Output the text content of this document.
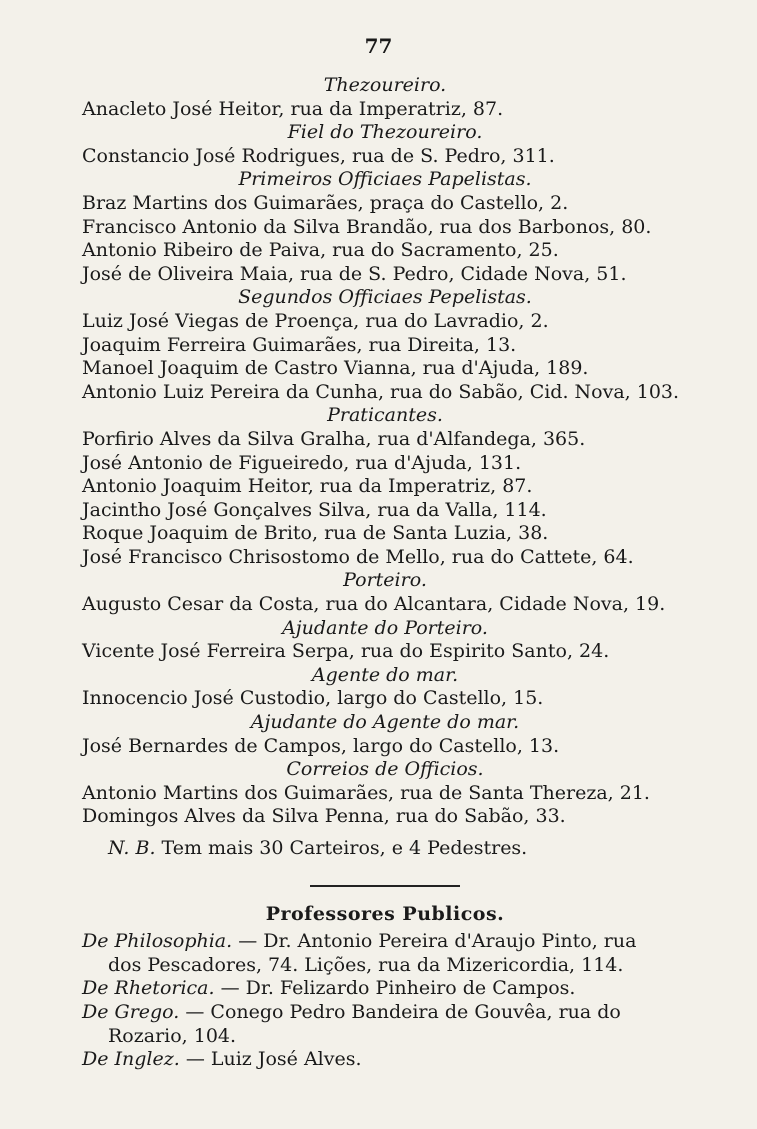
77

Thezoureiro.

Anacleto José Heitor, rua da Imperatriz, 87.

Fiel do Thezoureiro.

Constancio José Rodrigues, rua de S. Pedro, 311.

Primeiros Officiaes Papelistas.

Braz Martins dos Guimarães, praça do Castello, 2.

Francisco Antonio da Silva Brandão, rua dos Barbonos, 80.

Antonio Ribeiro de Paiva, rua do Sacramento, 25.

José de Oliveira Maia, rua de S. Pedro, Cidade Nova, 51.

Segundos Officiaes Pepelistas.

Luiz José Viegas de Proença, rua do Lavradio, 2.

Joaquim Ferreira Guimarães, rua Direita, 13.

Manoel Joaquim de Castro Vianna, rua d'Ajuda, 189.

Antonio Luiz Pereira da Cunha, rua do Sabão, Cid. Nova, 103.

Praticantes.

Porfirio Alves da Silva Gralha, rua d'Alfandega, 365.

José Antonio de Figueiredo, rua d'Ajuda, 131.

Antonio Joaquim Heitor, rua da Imperatriz, 87.

Jacintho José Gonçalves Silva, rua da Valla, 114.

Roque Joaquim de Brito, rua de Santa Luzia, 38.

José Francisco Chrisostomo de Mello, rua do Cattete, 64.

Porteiro.

Augusto Cesar da Costa, rua do Alcantara, Cidade Nova, 19.

Ajudante do Porteiro.

Vicente José Ferreira Serpa, rua do Espirito Santo, 24.

Agente do mar.

Innocencio José Custodio, largo do Castello, 15.

Ajudante do Agente do mar.

José Bernardes de Campos, largo do Castello, 13.

Correios de Officios.

Antonio Martins dos Guimarães, rua de Santa Thereza, 21.

Domingos Alves da Silva Penna, rua do Sabão, 33.

N. B. Tem mais 30 Carteiros, e 4 Pedestres.

Professores Publicos.

De Philosophia. — Dr. Antonio Pereira d'Araujo Pinto, rua
dos Pescadores, 74. Lições, rua da Mizericordia, 114.

De Rhetorica. — Dr. Felizardo Pinheiro de Campos.

De Grego. — Conego Pedro Bandeira de Gouvêa, rua do
Rozario, 104.

De Inglez. — Luiz José Alves.
